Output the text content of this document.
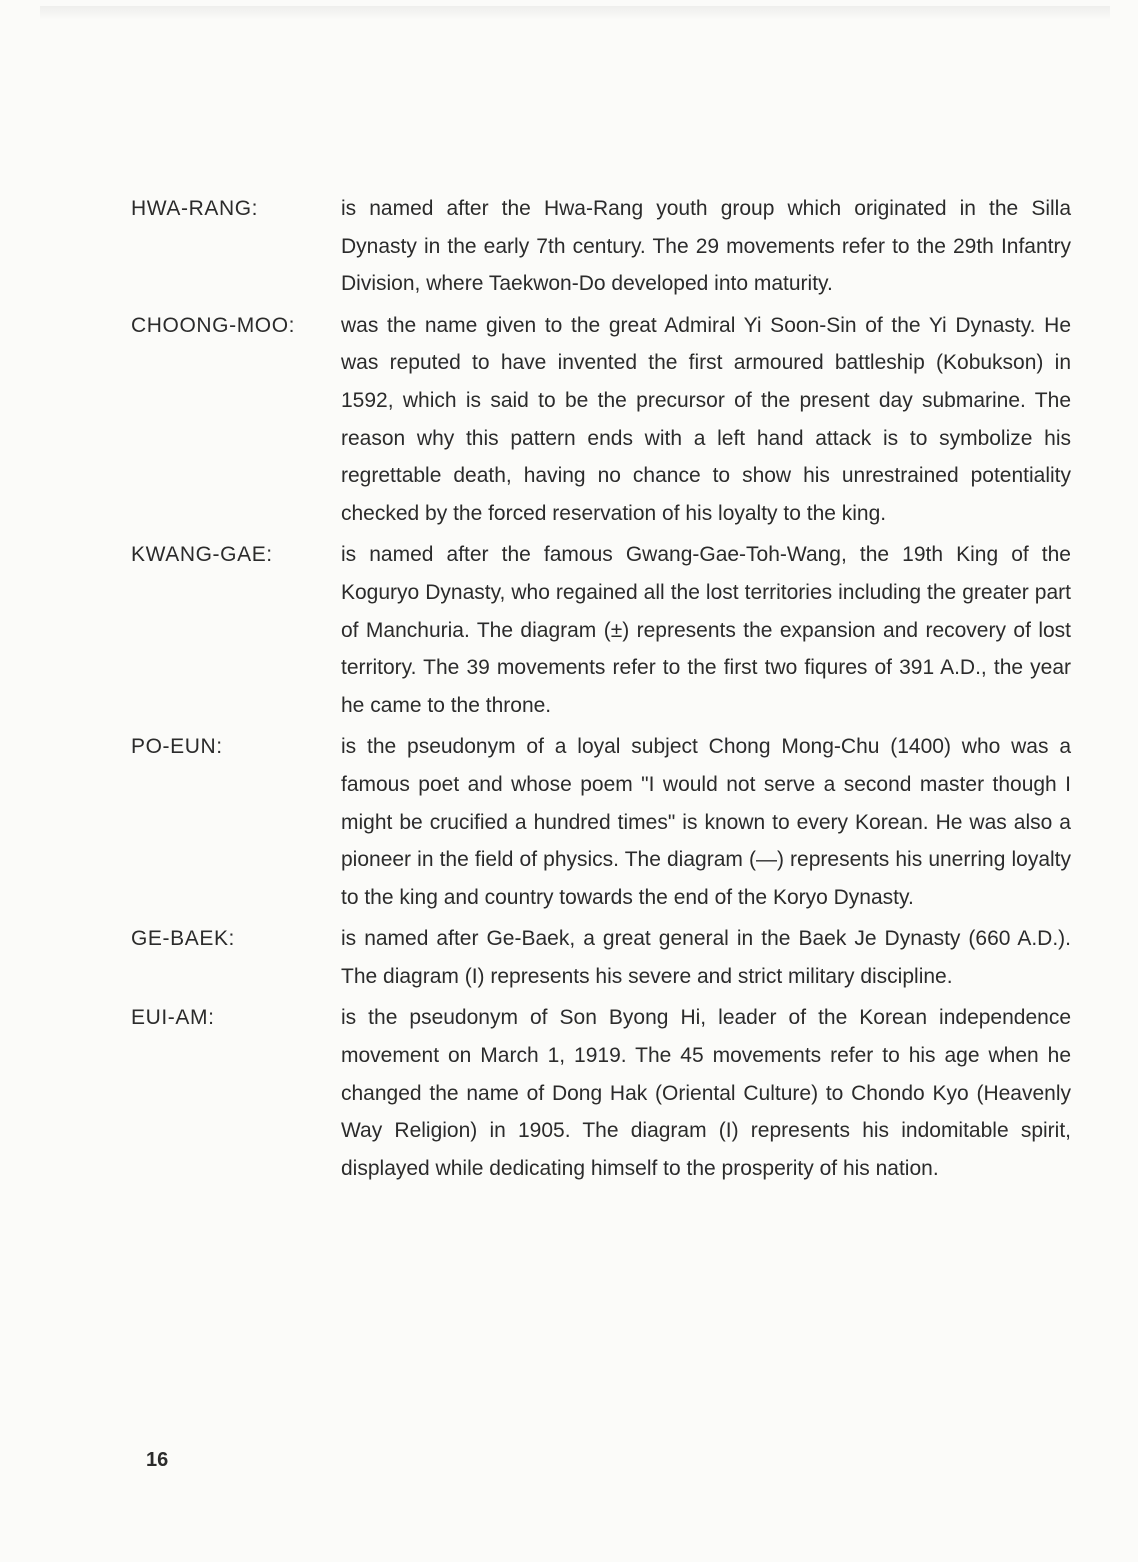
HWA-RANG:	is named after the Hwa-Rang youth group which originated in the Silla Dynasty in the early 7th century. The 29 movements refer to the 29th Infantry Division, where Taekwon-Do developed into maturity.
CHOONG-MOO:	was the name given to the great Admiral Yi Soon-Sin of the Yi Dynasty. He was reputed to have invented the first armoured battleship (Kobukson) in 1592, which is said to be the precursor of the present day submarine. The reason why this pattern ends with a left hand attack is to symbolize his regrettable death, having no chance to show his unrestrained potentiality checked by the forced reservation of his loyalty to the king.
KWANG-GAE:	is named after the famous Gwang-Gae-Toh-Wang, the 19th King of the Koguryo Dynasty, who regained all the lost territories including the greater part of Manchuria. The diagram (±) represents the expansion and recovery of lost territory. The 39 movements refer to the first two fiqures of 391 A.D., the year he came to the throne.
PO-EUN:	is the pseudonym of a loyal subject Chong Mong-Chu (1400) who was a famous poet and whose poem "I would not serve a second master though I might be crucified a hundred times" is known to every Korean. He was also a pioneer in the field of physics. The diagram (—) represents his unerring loyalty to the king and country towards the end of the Koryo Dynasty.
GE-BAEK:	is named after Ge-Baek, a great general in the Baek Je Dynasty (660 A.D.). The diagram (I) represents his severe and strict military discipline.
EUI-AM:	is the pseudonym of Son Byong Hi, leader of the Korean independence movement on March 1, 1919. The 45 movements refer to his age when he changed the name of Dong Hak (Oriental Culture) to Chondo Kyo (Heavenly Way Religion) in 1905. The diagram (I) represents his indomitable spirit, displayed while dedicating himself to the prosperity of his nation.
16
